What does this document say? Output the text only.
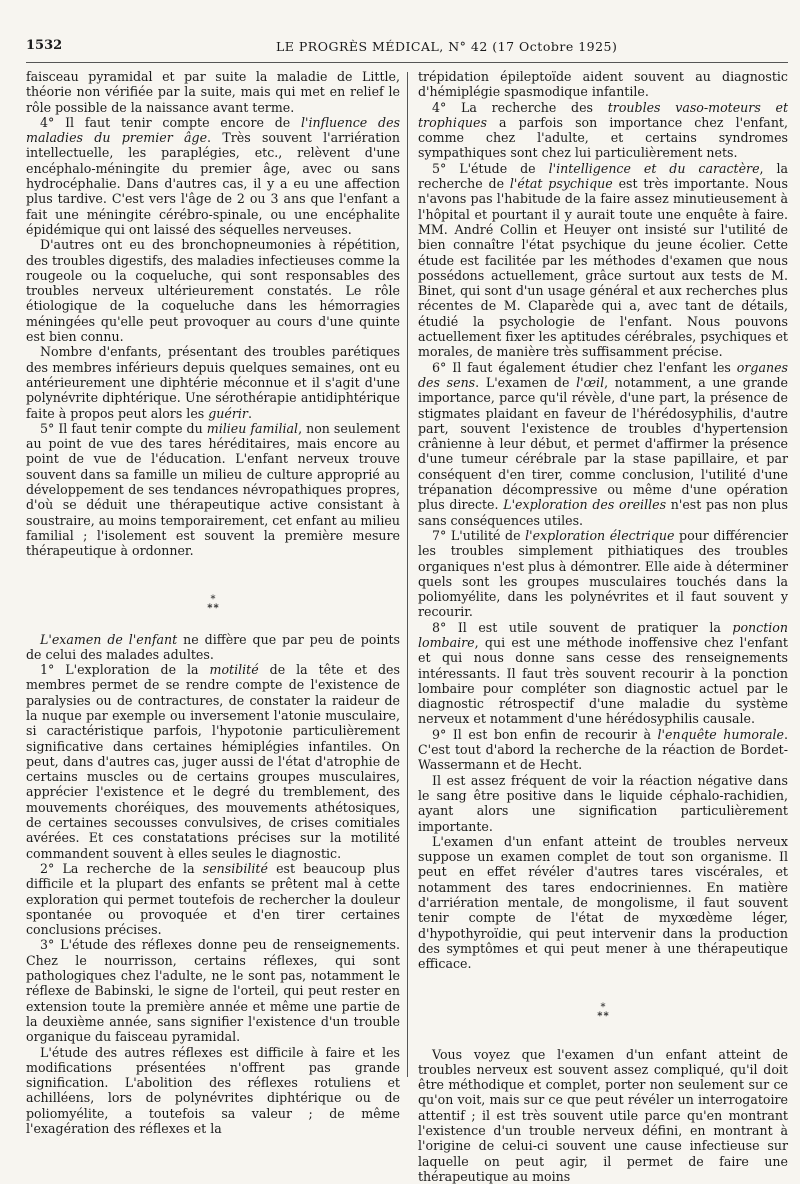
1532	LE PROGRÈS MÉDICAL, N° 42 (17 Octobre 1925)

faisceau pyramidal et par suite la maladie de Little, théorie non vérifiée par la suite, mais qui met en relief le rôle possible de la naissance avant terme.

4° Il faut tenir compte encore de l'influence des maladies du premier âge. Très souvent l'arriération intellectuelle, les paraplégies, etc., relèvent d'une encéphalo-méningite du premier âge, avec ou sans hydrocéphalie. Dans d'autres cas, il y a eu une affection plus tardive. C'est vers l'âge de 2 ou 3 ans que l'enfant a fait une méningite cérébro-spinale, ou une encéphalite épidémique qui ont laissé des séquelles nerveuses.

D'autres ont eu des bronchopneumonies à répétition, des troubles digestifs, des maladies infectieuses comme la rougeole ou la coqueluche, qui sont responsables des troubles nerveux ultérieurement constatés. Le rôle étiologique de la coqueluche dans les hémorragies méningées qu'elle peut provoquer au cours d'une quinte est bien connu.

Nombre d'enfants, présentant des troubles parétiques des membres inférieurs depuis quelques semaines, ont eu antérieurement une diphtérie méconnue et il s'agit d'une polynévrite diphtérique. Une sérothérapie antidiphtérique faite à propos peut alors les guérir.

5° Il faut tenir compte du milieu familial, non seulement au point de vue des tares héréditaires, mais encore au point de vue de l'éducation. L'enfant nerveux trouve souvent dans sa famille un milieu de culture approprié au développement de ses tendances névropathiques propres, d'où se déduit une thérapeutique active consistant à soustraire, au moins temporairement, cet enfant au milieu familial ; l'isolement est souvent la première mesure thérapeutique à ordonner.

*
* *

L'examen de l'enfant ne diffère que par peu de points de celui des malades adultes.

1° L'exploration de la motilité de la tête et des membres permet de se rendre compte de l'existence de paralysies ou de contractures, de constater la raideur de la nuque par exemple ou inversement l'atonie musculaire, si caractéristique parfois, l'hypotonie particulièrement significative dans certaines hémiplégies infantiles. On peut, dans d'autres cas, juger aussi de l'état d'atrophie de certains muscles ou de certains groupes musculaires, apprécier l'existence et le degré du tremblement, des mouvements choréiques, des mouvements athétosiques, de certaines secousses convulsives, de crises comitiales avérées. Et ces constatations précises sur la motilité commandent souvent à elles seules le diagnostic.

2° La recherche de la sensibilité est beaucoup plus difficile et la plupart des enfants se prêtent mal à cette exploration qui permet toutefois de rechercher la douleur spontanée ou provoquée et d'en tirer certaines conclusions précises.

3° L'étude des réflexes donne peu de renseignements. Chez le nourrisson, certains réflexes, qui sont pathologiques chez l'adulte, ne le sont pas, notamment le réflexe de Babinski, le signe de l'orteil, qui peut rester en extension toute la première année et même une partie de la deuxième année, sans signifier l'existence d'un trouble organique du faisceau pyramidal.

L'étude des autres réflexes est difficile à faire et les modifications présentées n'offrent pas grande signification. L'abolition des réflexes rotuliens et achilléens, lors de polynévrites diphtérique ou de poliomyélite, a toutefois sa valeur ; de même l'exagération des réflexes et la

trépidation épileptoïde aident souvent au diagnostic d'hémiplégie spasmodique infantile.

4° La recherche des troubles vaso-moteurs et trophiques a parfois son importance chez l'enfant, comme chez l'adulte, et certains syndromes sympathiques sont chez lui particulièrement nets.

5° L'étude de l'intelligence et du caractère, la recherche de l'état psychique est très importante. Nous n'avons pas l'habitude de la faire assez minutieusement à l'hôpital et pourtant il y aurait toute une enquête à faire. MM. André Collin et Heuyer ont insisté sur l'utilité de bien connaître l'état psychique du jeune écolier. Cette étude est facilitée par les méthodes d'examen que nous possédons actuellement, grâce surtout aux tests de M. Binet, qui sont d'un usage général et aux recherches plus récentes de M. Claparède qui a, avec tant de détails, étudié la psychologie de l'enfant. Nous pouvons actuellement fixer les aptitudes cérébrales, psychiques et morales, de manière très suffisamment précise.

6° Il faut également étudier chez l'enfant les organes des sens. L'examen de l'œil, notamment, a une grande importance, parce qu'il révèle, d'une part, la présence de stigmates plaidant en faveur de l'hérédosyphilis, d'autre part, souvent l'existence de troubles d'hypertension crânienne à leur début, et permet d'affirmer la présence d'une tumeur cérébrale par la stase papillaire, et par conséquent d'en tirer, comme conclusion, l'utilité d'une trépanation décompressive ou même d'une opération plus directe. L'exploration des oreilles n'est pas non plus sans conséquences utiles.

7° L'utilité de l'exploration électrique pour différencier les troubles simplement pithiatiques des troubles organiques n'est plus à démontrer. Elle aide à déterminer quels sont les groupes musculaires touchés dans la poliomyélite, dans les polynévrites et il faut souvent y recourir.

8° Il est utile souvent de pratiquer la ponction lombaire, qui est une méthode inoffensive chez l'enfant et qui nous donne sans cesse des renseignements intéressants. Il faut très souvent recourir à la ponction lombaire pour compléter son diagnostic actuel par le diagnostic rétrospectif d'une maladie du système nerveux et notamment d'une hérédosyphilis causale.

9° Il est bon enfin de recourir à l'enquête humorale. C'est tout d'abord la recherche de la réaction de Bordet-Wassermann et de Hecht.

Il est assez fréquent de voir la réaction négative dans le sang être positive dans le liquide céphalo-rachidien, ayant alors une signification particulièrement importante.

L'examen d'un enfant atteint de troubles nerveux suppose un examen complet de tout son organisme. Il peut en effet révéler d'autres tares viscérales, et notamment des tares endocriniennes. En matière d'arriération mentale, de mongolisme, il faut souvent tenir compte de l'état de myxœdème léger, d'hypothyroïdie, qui peut intervenir dans la production des symptômes et qui peut mener à une thérapeutique efficace.

*
* *

Vous voyez que l'examen d'un enfant atteint de troubles nerveux est souvent assez compliqué, qu'il doit être méthodique et complet, porter non seulement sur ce qu'on voit, mais sur ce que peut révéler un interrogatoire attentif ; il est très souvent utile parce qu'en montrant l'existence d'un trouble nerveux défini, en montrant à l'origine de celui-ci souvent une cause infectieuse sur laquelle on peut agir, il permet de faire une thérapeutique au moins
